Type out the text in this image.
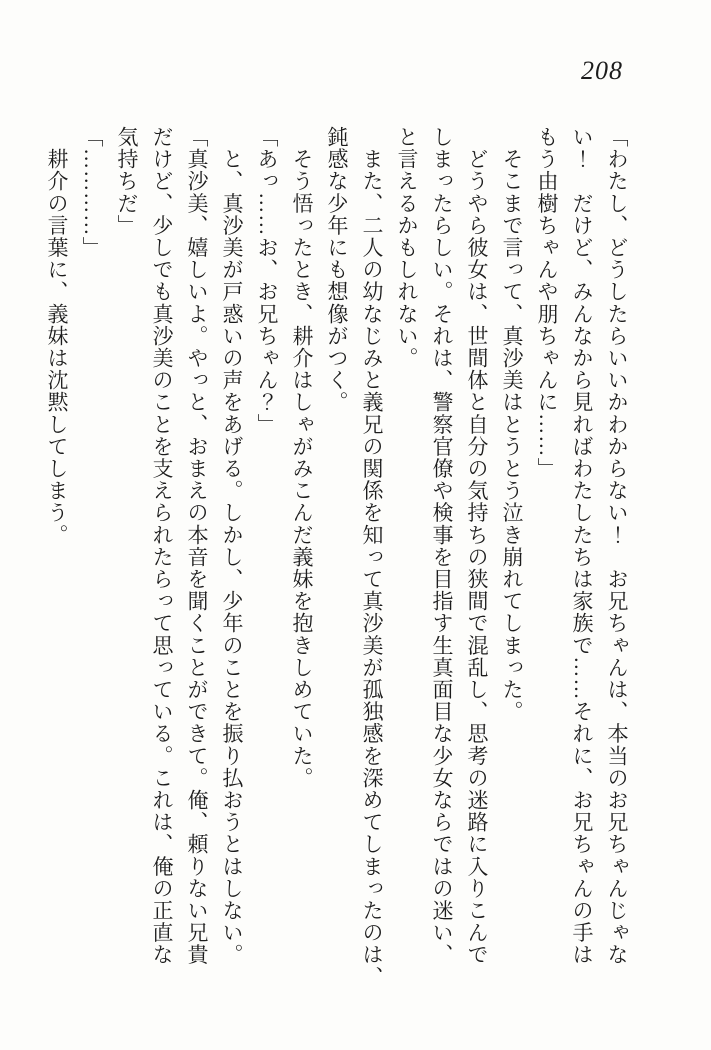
208
「わたし、どうしたらいいかわからない！　お兄ちゃんは、本当のお兄ちゃんじゃな
い！　だけど、みんなから見ればわたしたちは家族で……それに、お兄ちゃんの手は
もう由樹ちゃんや朋ちゃんに……」
　そこまで言って、真沙美はとうとう泣き崩れてしまった。
　どうやら彼女は、世間体と自分の気持ちの狭間で混乱し、思考の迷路に入りこんで
しまったらしい。それは、警察官僚や検事を目指す生真面目な少女ならではの迷い、
と言えるかもしれない。
　また、二人の幼なじみと義兄の関係を知って真沙美が孤独感を深めてしまったのは、
鈍感な少年にも想像がつく。
　そう悟ったとき、耕介はしゃがみこんだ義妹を抱きしめていた。
「あっ……お、お兄ちゃん？」
　と、真沙美が戸惑いの声をあげる。しかし、少年のことを振り払おうとはしない。
「真沙美、嬉しいよ。やっと、おまえの本音を聞くことができて。俺、頼りない兄貴
だけど、少しでも真沙美のことを支えられたらって思っている。これは、俺の正直な
気持ちだ」
「…………」
　耕介の言葉に、義妹は沈黙してしまう。
